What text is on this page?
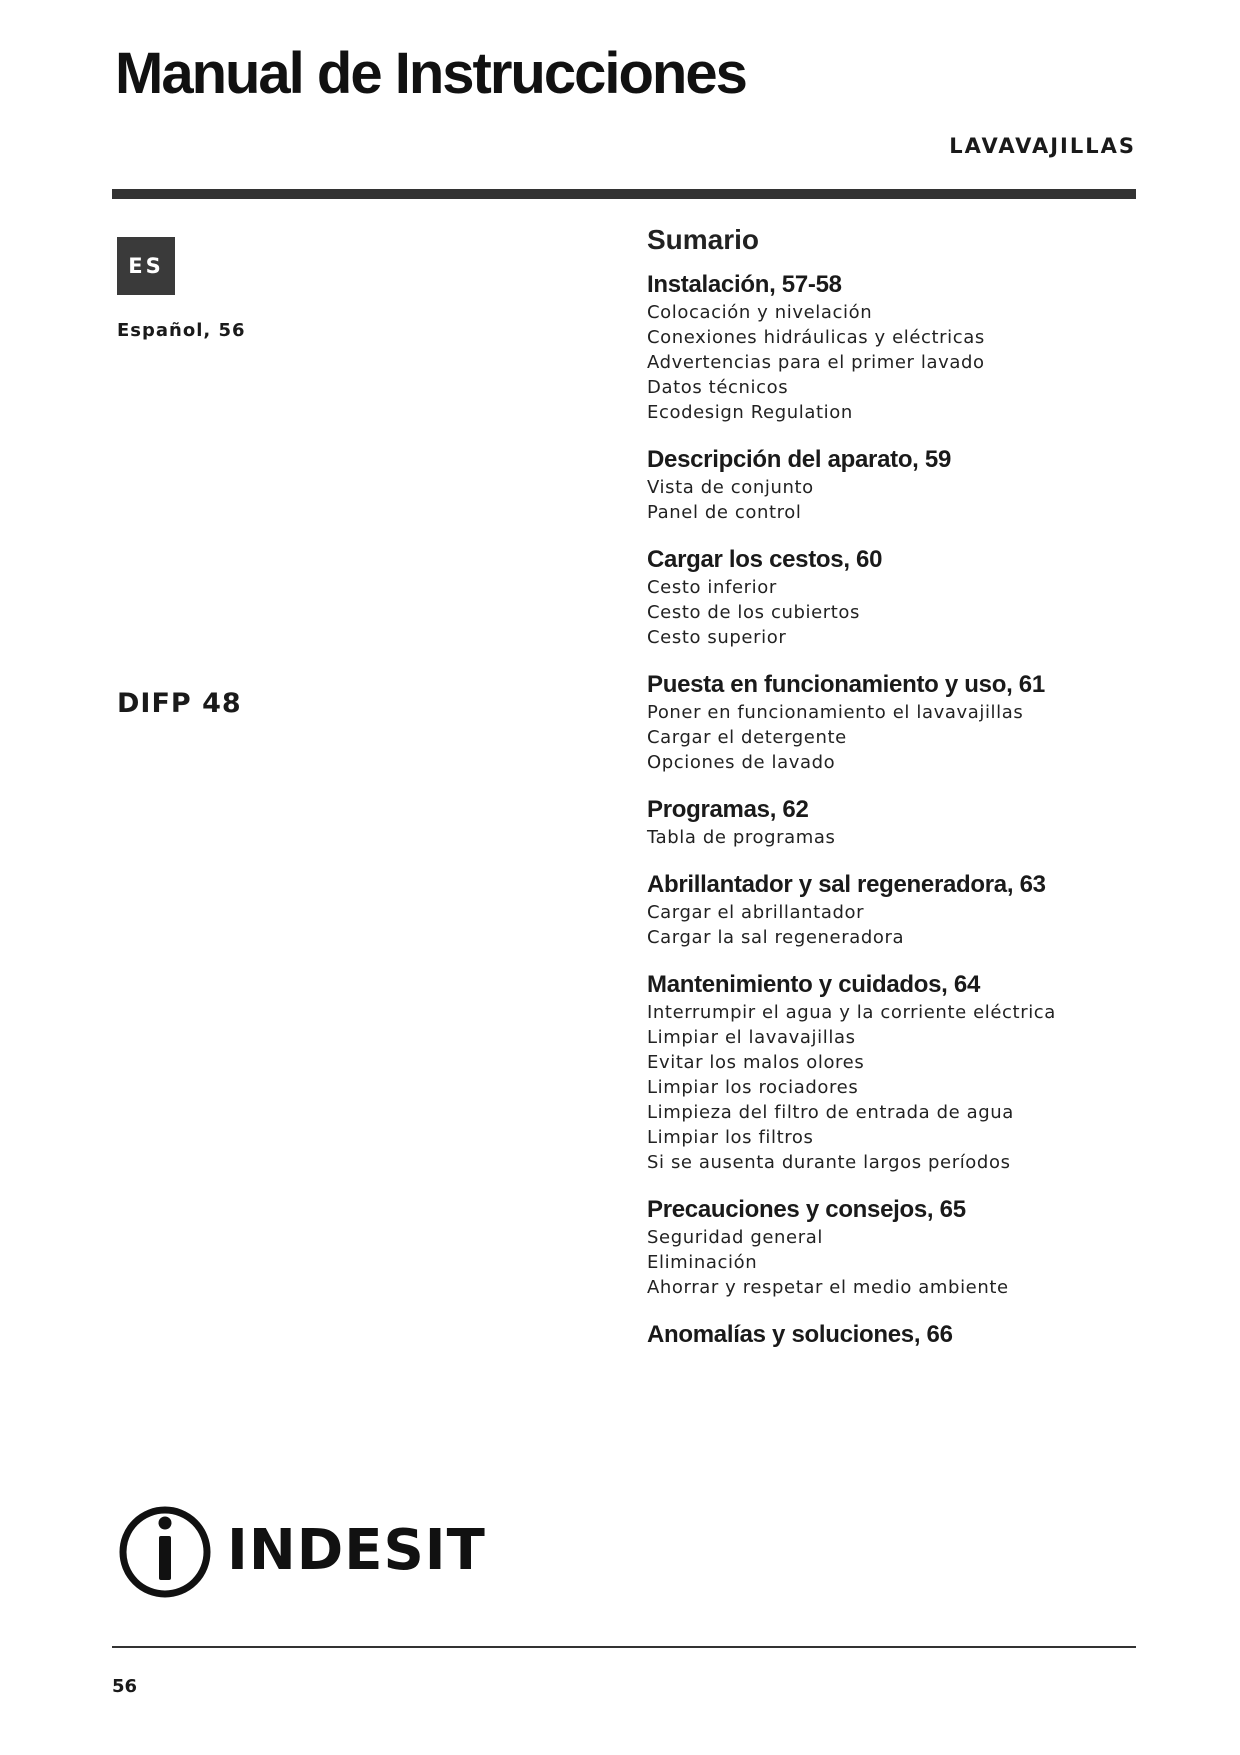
Manual de Instrucciones
LAVAVAJILLAS
ES
Español, 56
DIFP 48
Sumario
Instalación, 57-58
Colocación y nivelación
Conexiones hidráulicas y eléctricas
Advertencias para el primer lavado
Datos técnicos
Ecodesign Regulation
Descripción del aparato, 59
Vista de conjunto
Panel de control
Cargar los cestos, 60
Cesto inferior
Cesto de los cubiertos
Cesto superior
Puesta en funcionamiento y uso, 61
Poner en funcionamiento el lavavajillas
Cargar el detergente
Opciones de lavado
Programas, 62
Tabla de programas
Abrillantador y sal regeneradora, 63
Cargar el abrillantador
Cargar la sal regeneradora
Mantenimiento y cuidados, 64
Interrumpir el agua y la corriente eléctrica
Limpiar el lavavajillas
Evitar los malos olores
Limpiar los rociadores
Limpieza del filtro de entrada de agua
Limpiar los filtros
Si se ausenta durante largos períodos
Precauciones y consejos, 65
Seguridad general
Eliminación
Ahorrar y respetar el medio ambiente
Anomalías y soluciones, 66
INDESIT
56
